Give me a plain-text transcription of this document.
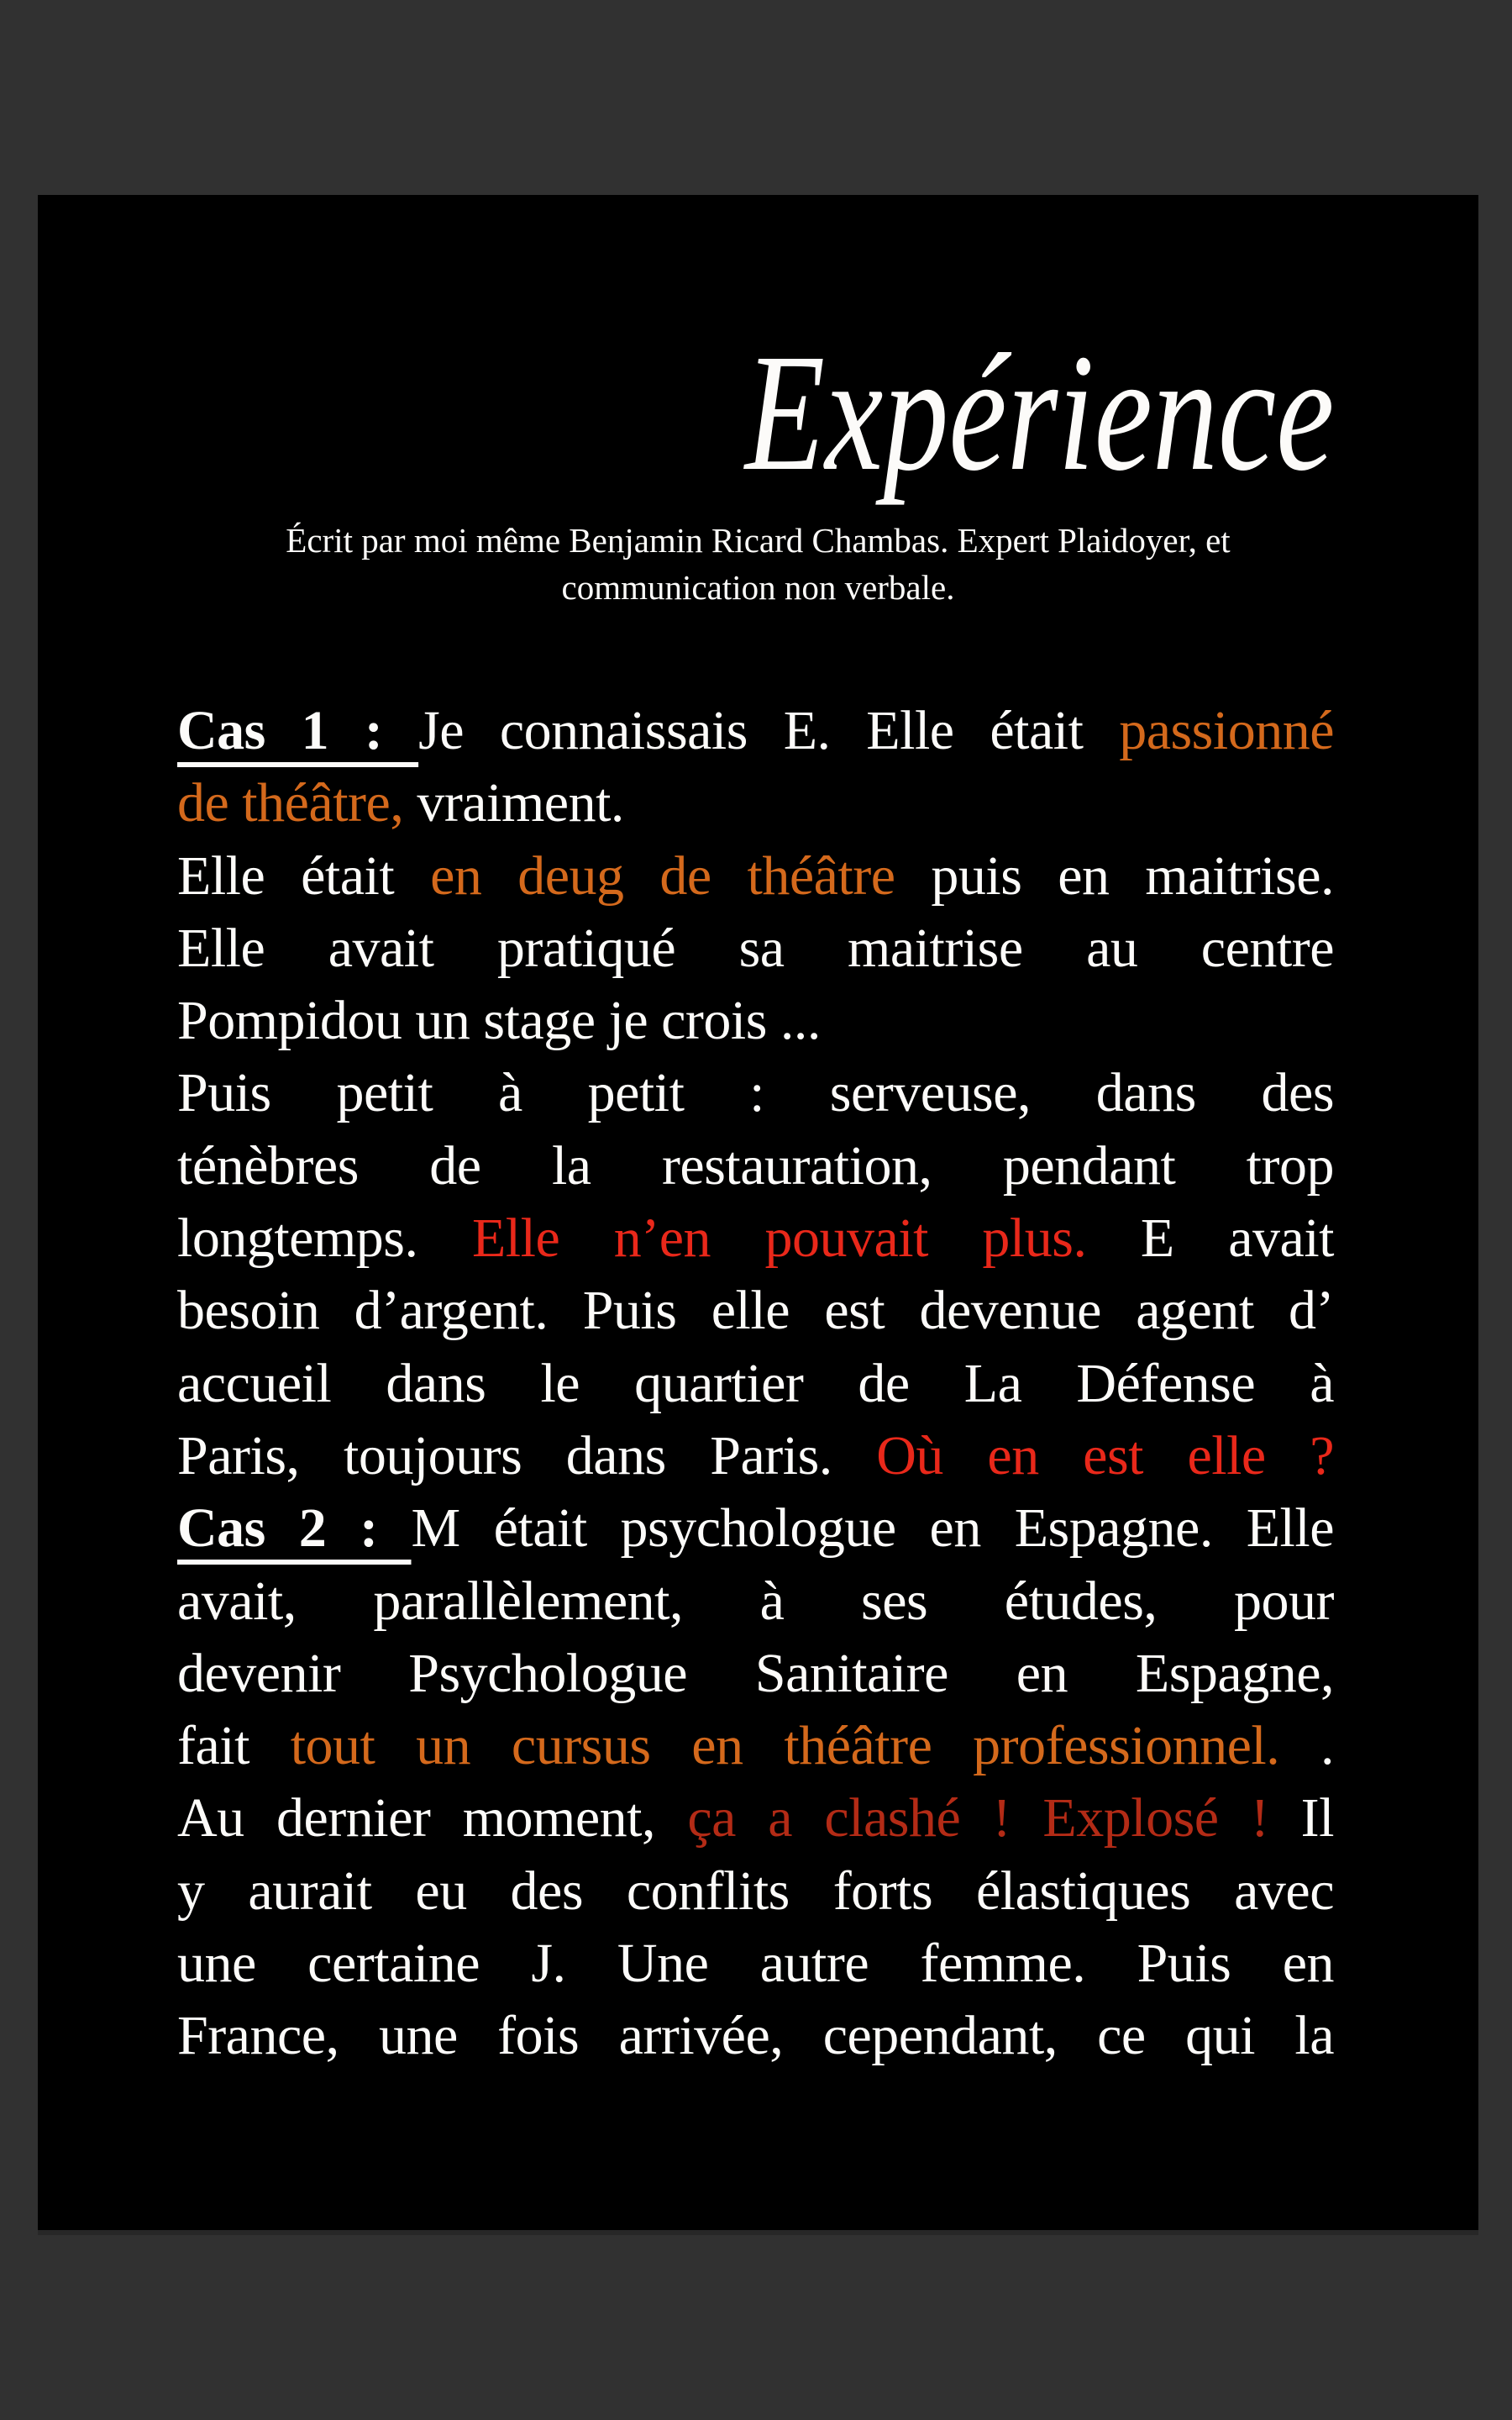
Expérience
Écrit par moi même Benjamin Ricard Chambas. Expert Plaidoyer, et
communication non verbale.
Cas 1 : Je connaissais E. Elle était passionné
de théâtre, vraiment.
Elle était en deug de théâtre puis en maitrise.
Elle avait pratiqué sa maitrise au centre
Pompidou un stage je crois ...
Puis petit à petit : serveuse, dans des
ténèbres de la restauration, pendant trop
longtemps. Elle n’en pouvait plus. E avait
besoin d’argent. Puis elle est devenue agent d’
accueil dans le quartier de La Défense à
Paris, toujours dans Paris. Où en est elle ?
Cas 2 : M était psychologue en Espagne. Elle
avait, parallèlement, à ses études, pour
devenir Psychologue Sanitaire en Espagne,
fait tout un cursus en théâtre professionnel. .
Au dernier moment, ça a clashé ! Explosé ! Il
y aurait eu des conflits forts élastiques avec
une certaine J. Une autre femme. Puis en
France, une fois arrivée, cependant, ce qui la
